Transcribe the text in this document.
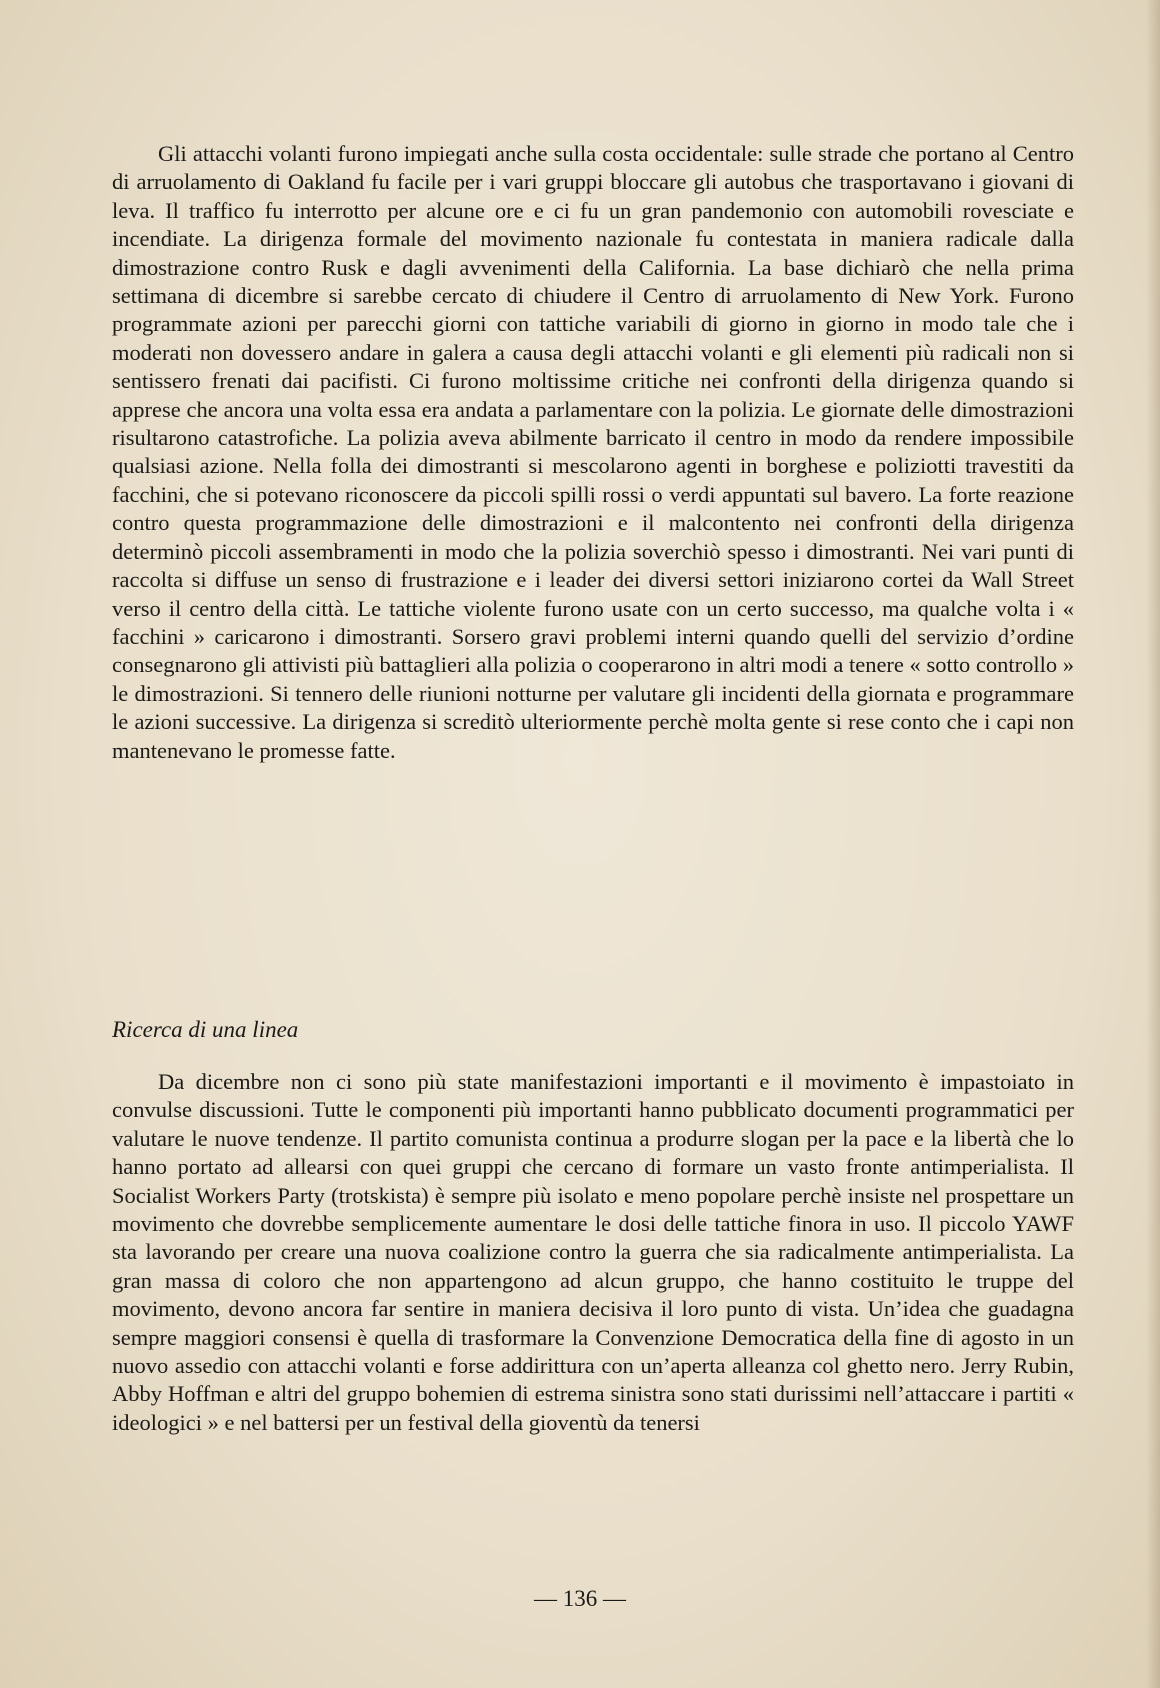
Gli attacchi volanti furono impiegati anche sulla costa occidentale: sulle strade che portano al Centro di arruolamento di Oakland fu facile per i vari gruppi bloccare gli autobus che trasportavano i giovani di leva. Il traffico fu interrotto per alcune ore e ci fu un gran pandemonio con automobili rovesciate e incendiate. La dirigenza formale del movimento nazionale fu contestata in maniera radicale dalla dimostrazione contro Rusk e dagli avvenimenti della California. La base dichiarò che nella prima settimana di dicembre si sarebbe cercato di chiudere il Centro di arruolamento di New York. Furono programmate azioni per parecchi giorni con tattiche variabili di giorno in giorno in modo tale che i moderati non dovessero andare in galera a causa degli attacchi volanti e gli elementi più radicali non si sentissero frenati dai pacifisti. Ci furono moltissime critiche nei confronti della dirigenza quando si apprese che ancora una volta essa era andata a parlamentare con la polizia. Le giornate delle dimostrazioni risultarono catastrofiche. La polizia aveva abilmente barricato il centro in modo da rendere impossibile qualsiasi azione. Nella folla dei dimostranti si mescolarono agenti in borghese e poliziotti travestiti da facchini, che si potevano riconoscere da piccoli spilli rossi o verdi appuntati sul bavero. La forte reazione contro questa programmazione delle dimostrazioni e il malcontento nei confronti della dirigenza determinò piccoli assembramenti in modo che la polizia soverchiò spesso i dimostranti. Nei vari punti di raccolta si diffuse un senso di frustrazione e i leader dei diversi settori iniziarono cortei da Wall Street verso il centro della città. Le tattiche violente furono usate con un certo successo, ma qualche volta i « facchini » caricarono i dimostranti. Sorsero gravi problemi interni quando quelli del servizio d’ordine consegnarono gli attivisti più battaglieri alla polizia o cooperarono in altri modi a tenere « sotto controllo » le dimostrazioni. Si tennero delle riunioni notturne per valutare gli incidenti della giornata e programmare le azioni successive. La dirigenza si screditò ulteriormente perchè molta gente si rese conto che i capi non mantenevano le promesse fatte.

Ricerca di una linea

Da dicembre non ci sono più state manifestazioni importanti e il movimento è impastoiato in convulse discussioni. Tutte le componenti più importanti hanno pubblicato documenti programmatici per valutare le nuove tendenze. Il partito comunista continua a produrre slogan per la pace e la libertà che lo hanno portato ad allearsi con quei gruppi che cercano di formare un vasto fronte antimperialista. Il Socialist Workers Party (trotskista) è sempre più isolato e meno popolare perchè insiste nel prospettare un movimento che dovrebbe semplicemente aumentare le dosi delle tattiche finora in uso. Il piccolo YAWF sta lavorando per creare una nuova coalizione contro la guerra che sia radicalmente antimperialista. La gran massa di coloro che non appartengono ad alcun gruppo, che hanno costituito le truppe del movimento, devono ancora far sentire in maniera decisiva il loro punto di vista. Un’idea che guadagna sempre maggiori consensi è quella di trasformare la Convenzione Democratica della fine di agosto in un nuovo assedio con attacchi volanti e forse addirittura con un’aperta alleanza col ghetto nero. Jerry Rubin, Abby Hoffman e altri del gruppo bohemien di estrema sinistra sono stati durissimi nell’attaccare i partiti « ideologici » e nel battersi per un festival della gioventù da tenersi

— 136 —
